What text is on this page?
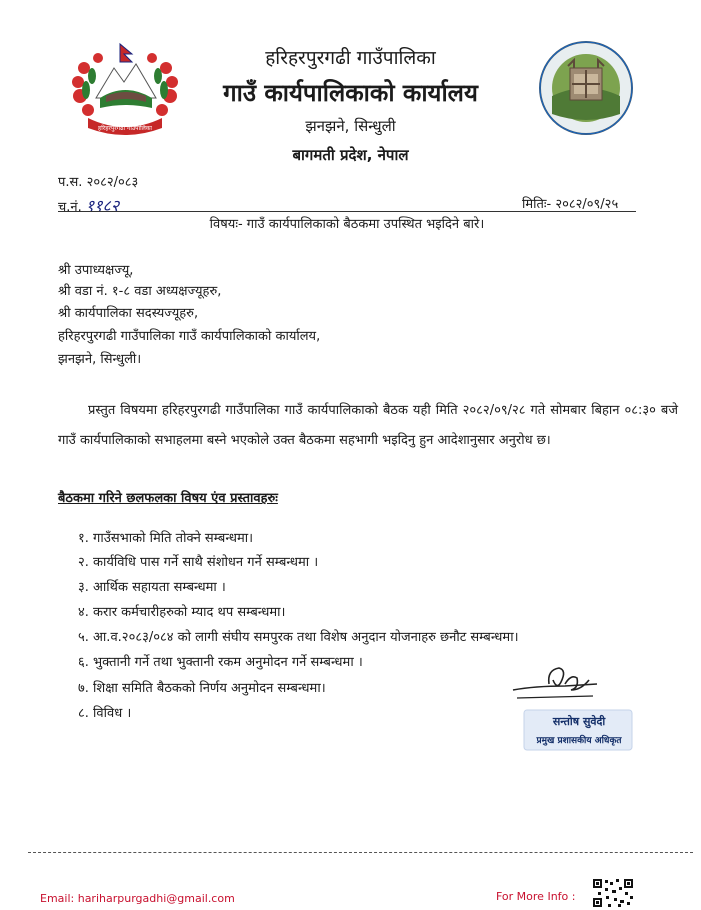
हरिहरपुरगढी गाउँपालिका
हरिहरपुरगढी गाउँपालिका
गाउँ कार्यपालिकाको कार्यालय
झनझने, सिन्धुली
बागमती प्रदेश, नेपाल
प.स. २०८२/०८३
च.नं. ११८२	मितिः- २०८२/०९/२५
विषयः- गाउँ कार्यपालिकाको बैठकमा उपस्थित भइदिने बारे।
श्री उपाध्यक्षज्यू,
श्री वडा नं. १-८ वडा अध्यक्षज्यूहरु,
श्री कार्यपालिका सदस्यज्यूहरु,
हरिहरपुरगढी गाउँपालिका गाउँ कार्यपालिकाको कार्यालय,
झनझने, सिन्धुली।

प्रस्तुत विषयमा हरिहरपुरगढी गाउँपालिका गाउँ कार्यपालिकाको बैठक यही मिति २०८२/०९/२८ गते सोमबार बिहान ०८:३० बजे गाउँ कार्यपालिकाको सभाहलमा बस्ने भएकोले उक्त बैठकमा सहभागी भइदिनु हुन आदेशानुसार अनुरोध छ।

बैठकमा गरिने छलफलका विषय एंव प्रस्तावहरुः
१. गाउँसभाको मिति तोक्ने सम्बन्धमा।
२. कार्यविधि पास गर्ने साथै संशोधन गर्ने सम्बन्धमा ।
३. आर्थिक सहायता सम्बन्धमा ।
४. करार कर्मचारीहरुको म्याद थप सम्बन्धमा।
५. आ.व.२०८३/०८४ को लागी संघीय समपुरक तथा विशेष अनुदान योजनाहरु छनौट सम्बन्धमा।
६. भुक्तानी गर्ने तथा भुक्तानी रकम अनुमोदन गर्ने सम्बन्धमा ।
७. शिक्षा समिति बैठकको निर्णय अनुमोदन सम्बन्धमा।
८. विविध ।
सन्तोष सुवेदी
प्रमुख प्रशासकीय अधिकृत
Email: hariharpurgadhi@gmail.com	For More Info :
